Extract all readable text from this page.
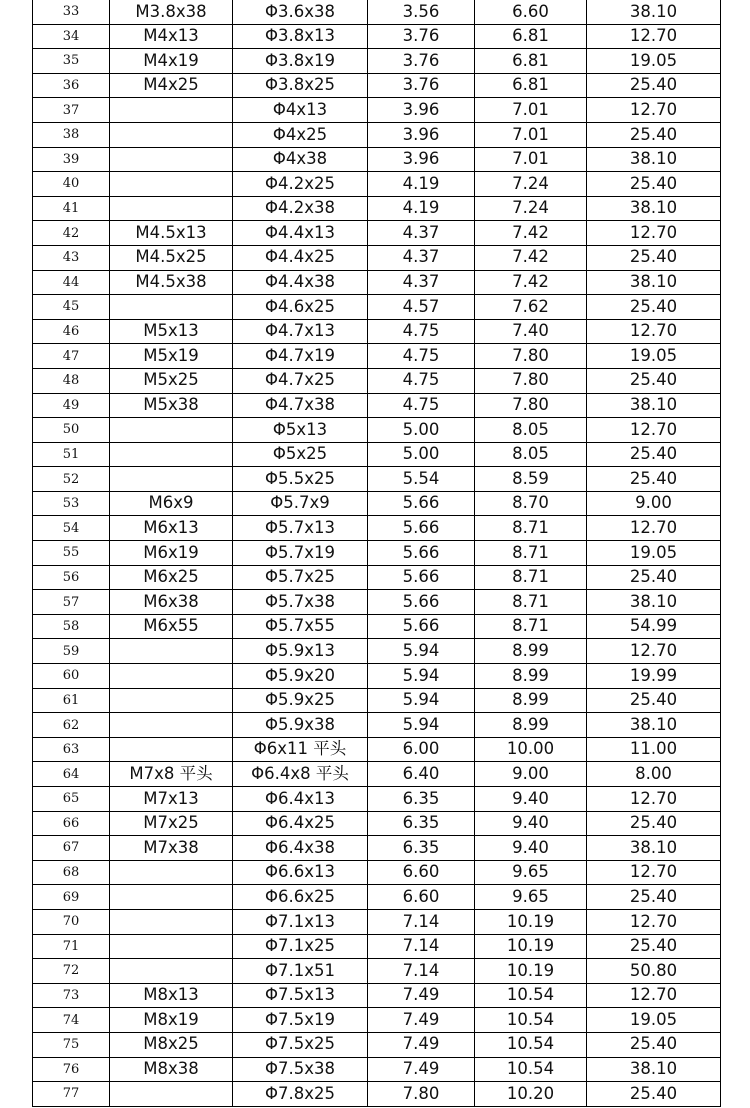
33	M3.8x38	Φ3.6x38	3.56	6.60	38.10
34	M4x13	Φ3.8x13	3.76	6.81	12.70
35	M4x19	Φ3.8x19	3.76	6.81	19.05
36	M4x25	Φ3.8x25	3.76	6.81	25.40
37		Φ4x13	3.96	7.01	12.70
38		Φ4x25	3.96	7.01	25.40
39		Φ4x38	3.96	7.01	38.10
40		Φ4.2x25	4.19	7.24	25.40
41		Φ4.2x38	4.19	7.24	38.10
42	M4.5x13	Φ4.4x13	4.37	7.42	12.70
43	M4.5x25	Φ4.4x25	4.37	7.42	25.40
44	M4.5x38	Φ4.4x38	4.37	7.42	38.10
45		Φ4.6x25	4.57	7.62	25.40
46	M5x13	Φ4.7x13	4.75	7.40	12.70
47	M5x19	Φ4.7x19	4.75	7.80	19.05
48	M5x25	Φ4.7x25	4.75	7.80	25.40
49	M5x38	Φ4.7x38	4.75	7.80	38.10
50		Φ5x13	5.00	8.05	12.70
51		Φ5x25	5.00	8.05	25.40
52		Φ5.5x25	5.54	8.59	25.40
53	M6x9	Φ5.7x9	5.66	8.70	9.00
54	M6x13	Φ5.7x13	5.66	8.71	12.70
55	M6x19	Φ5.7x19	5.66	8.71	19.05
56	M6x25	Φ5.7x25	5.66	8.71	25.40
57	M6x38	Φ5.7x38	5.66	8.71	38.10
58	M6x55	Φ5.7x55	5.66	8.71	54.99
59		Φ5.9x13	5.94	8.99	12.70
60		Φ5.9x20	5.94	8.99	19.99
61		Φ5.9x25	5.94	8.99	25.40
62		Φ5.9x38	5.94	8.99	38.10
63		Φ6x11 平头	6.00	10.00	11.00
64	M7x8 平头	Φ6.4x8 平头	6.40	9.00	8.00
65	M7x13	Φ6.4x13	6.35	9.40	12.70
66	M7x25	Φ6.4x25	6.35	9.40	25.40
67	M7x38	Φ6.4x38	6.35	9.40	38.10
68		Φ6.6x13	6.60	9.65	12.70
69		Φ6.6x25	6.60	9.65	25.40
70		Φ7.1x13	7.14	10.19	12.70
71		Φ7.1x25	7.14	10.19	25.40
72		Φ7.1x51	7.14	10.19	50.80
73	M8x13	Φ7.5x13	7.49	10.54	12.70
74	M8x19	Φ7.5x19	7.49	10.54	19.05
75	M8x25	Φ7.5x25	7.49	10.54	25.40
76	M8x38	Φ7.5x38	7.49	10.54	38.10
77		Φ7.8x25	7.80	10.20	25.40
